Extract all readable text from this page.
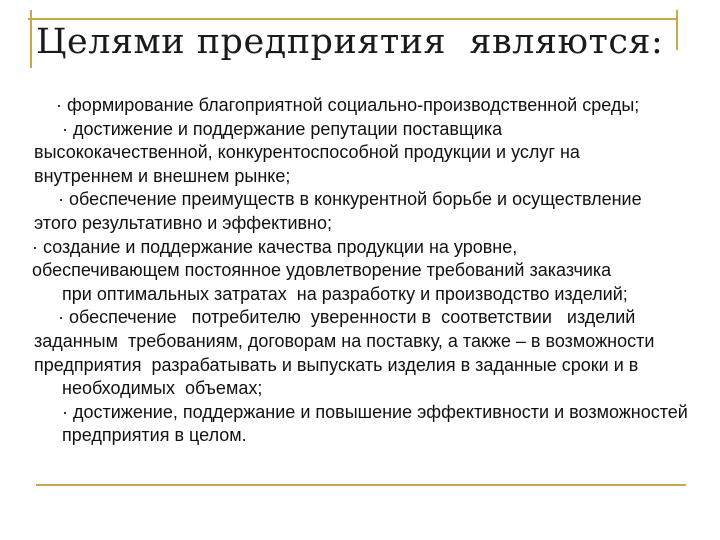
Целями предприятия  являются:
· формирование благоприятной социально-производственной среды;
· достижение и поддержание репутации поставщика
высококачественной, конкурентоспособной продукции и услуг на
внутреннем и внешнем рынке;
· обеспечение преимуществ в конкурентной борьбе и осуществление
этого результативно и эффективно;
· создание и поддержание качества продукции на уровне,
обеспечивающем постоянное удовлетворение требований заказчика
при оптимальных затратах  на разработку и производство изделий;
· обеспечение   потребителю  уверенности в  соответствии   изделий
заданным  требованиям, договорам на поставку, а также – в возможности
предприятия  разрабатывать и выпускать изделия в заданные сроки и в
необходимых  объемах;
· достижение, поддержание и повышение эффективности и возможностей
предприятия в целом.
